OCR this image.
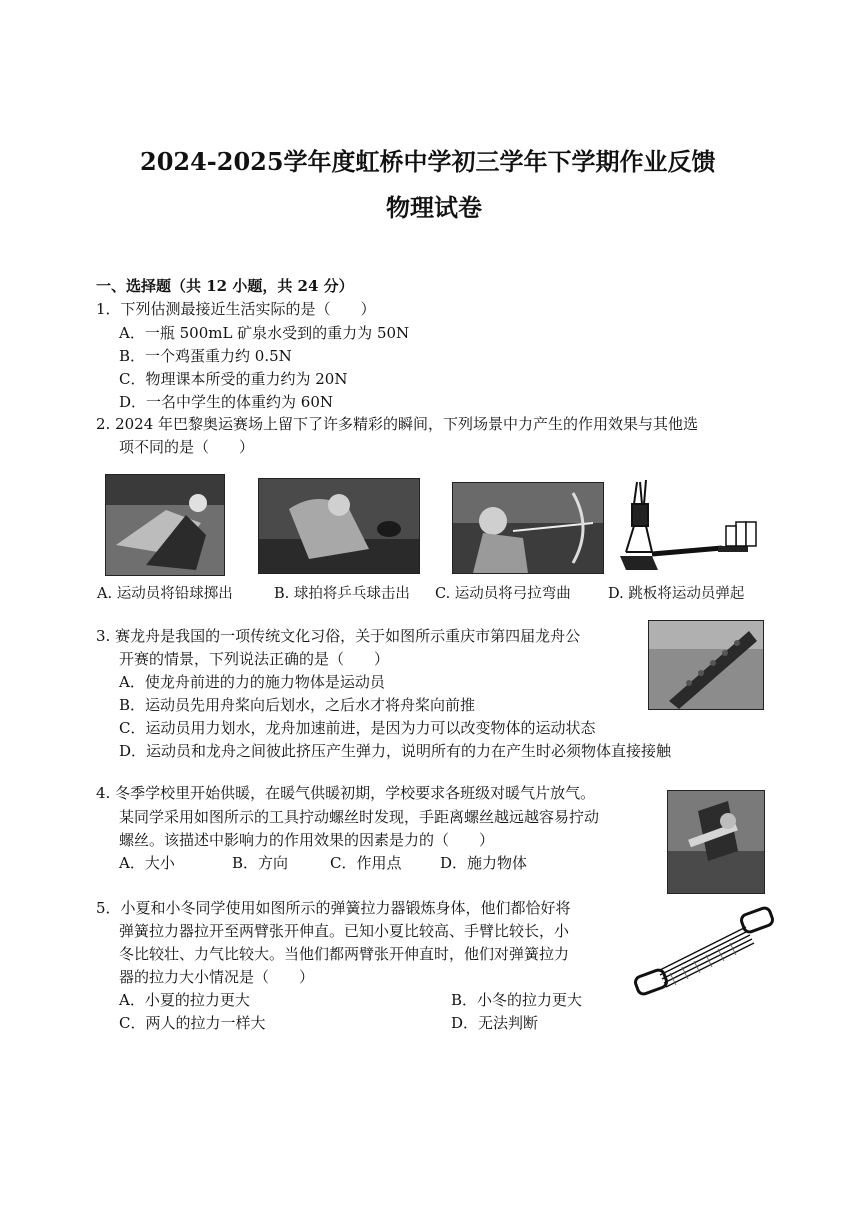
2024-2025学年度虹桥中学初三学年下学期作业反馈
物理试卷
一、选择题（共 12 小题，共 24 分）
1．下列估测最接近生活实际的是（　　）
A．一瓶 500mL 矿泉水受到的重力为 50N
B．一个鸡蛋重力约 0.5N
C．物理课本所受的重力约为 20N
D．一名中学生的体重约为 60N
2. 2024 年巴黎奥运赛场上留下了许多精彩的瞬间，下列场景中力产生的作用效果与其他选
项不同的是（　　）
A. 运动员将铅球掷出	B. 球拍将乒乓球击出 C. 运动员将弓拉弯曲	D. 跳板将运动员弹起
3. 赛龙舟是我国的一项传统文化习俗，关于如图所示重庆市第四届龙舟公
开赛的情景，下列说法正确的是（　　）
A．使龙舟前进的力的施力物体是运动员
B．运动员先用舟桨向后划水，之后水才将舟桨向前推
C．运动员用力划水，龙舟加速前进，是因为力可以改变物体的运动状态
D．运动员和龙舟之间彼此挤压产生弹力，说明所有的力在产生时必须物体直接接触
4. 冬季学校里开始供暖，在暖气供暖初期，学校要求各班级对暖气片放气。
某同学采用如图所示的工具拧动螺丝时发现，手距离螺丝越远越容易拧动
螺丝。该描述中影响力的作用效果的因素是力的（　　）
A．大小	B．方向	C．作用点	D．施力物体
5．小夏和小冬同学使用如图所示的弹簧拉力器锻炼身体，他们都恰好将
弹簧拉力器拉开至两臂张开伸直。已知小夏比较高、手臂比较长，小
冬比较壮、力气比较大。当他们都两臂张开伸直时，他们对弹簧拉力
器的拉力大小情况是（　　）
A．小夏的拉力更大	B．小冬的拉力更大
C．两人的拉力一样大	D．无法判断
